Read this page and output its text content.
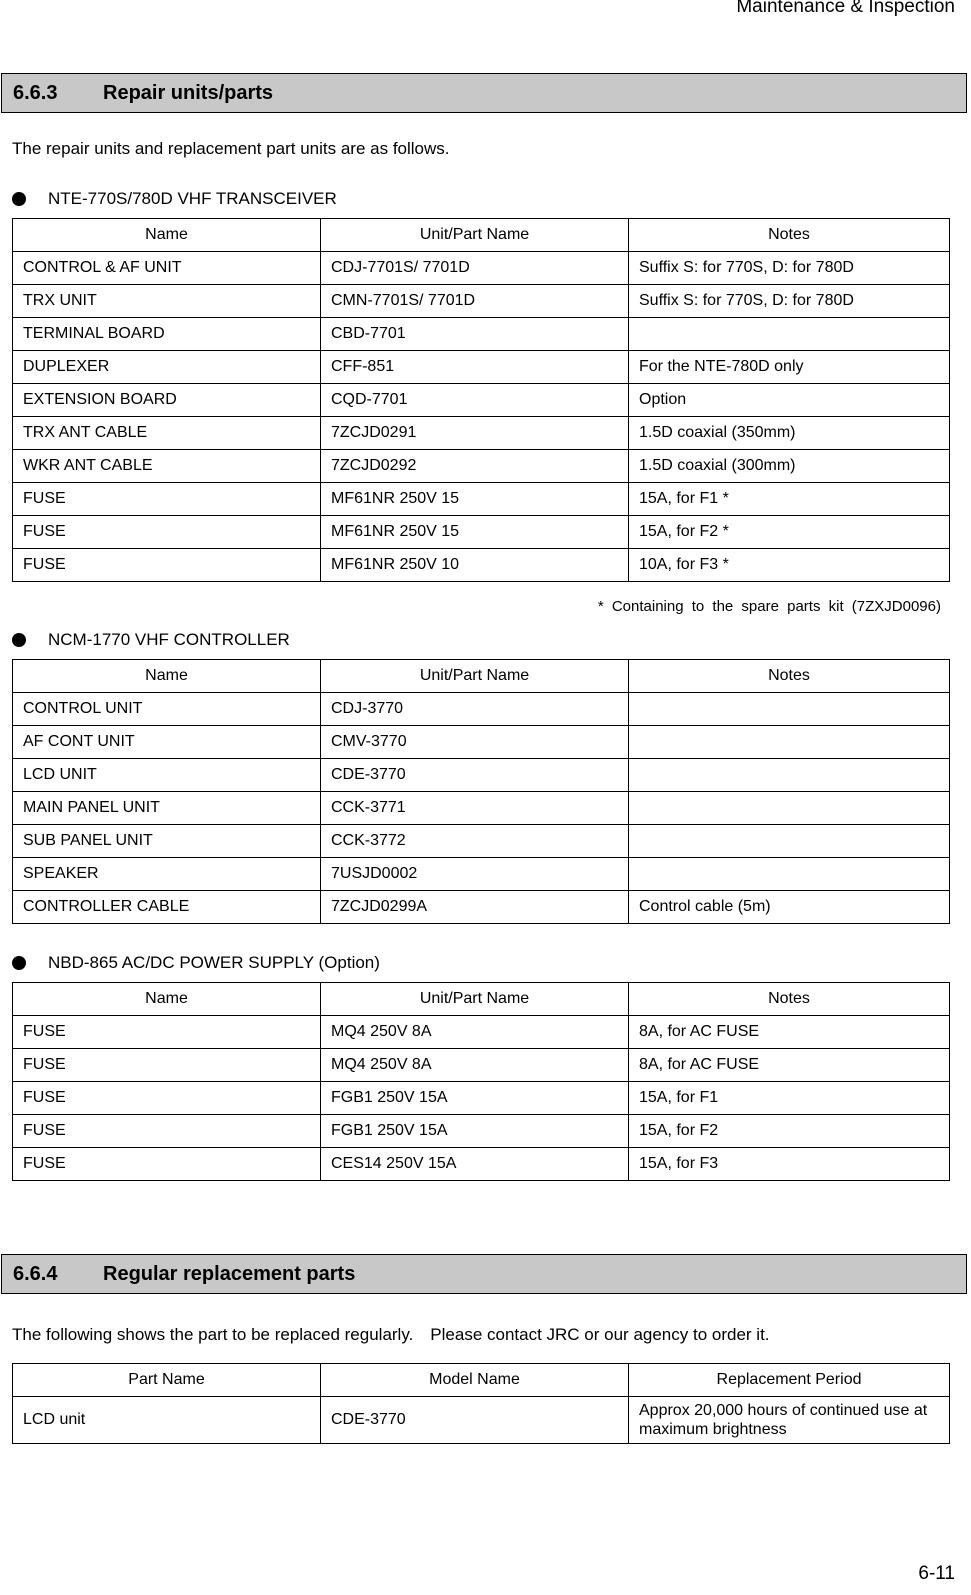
Maintenance & Inspection
6.6.3	Repair units/parts
The repair units and replacement part units are as follows.
NTE-770S/780D VHF TRANSCEIVER
Name	Unit/Part Name	Notes
CONTROL & AF UNIT	CDJ-7701S/ 7701D	Suffix S: for 770S, D: for 780D
TRX UNIT	CMN-7701S/ 7701D	Suffix S: for 770S, D: for 780D
TERMINAL BOARD	CBD-7701	
DUPLEXER	CFF-851	For the NTE-780D only
EXTENSION BOARD	CQD-7701	Option
TRX ANT CABLE	7ZCJD0291	1.5D coaxial (350mm)
WKR ANT CABLE	7ZCJD0292	1.5D coaxial (300mm)
FUSE	MF61NR 250V 15	15A, for F1 *
FUSE	MF61NR 250V 15	15A, for F2 *
FUSE	MF61NR 250V 10	10A, for F3 *
* Containing to the spare parts kit (7ZXJD0096)
NCM-1770 VHF CONTROLLER
Name	Unit/Part Name	Notes
CONTROL UNIT	CDJ-3770	
AF CONT UNIT	CMV-3770	
LCD UNIT	CDE-3770	
MAIN PANEL UNIT	CCK-3771	
SUB PANEL UNIT	CCK-3772	
SPEAKER	7USJD0002	
CONTROLLER CABLE	7ZCJD0299A	Control cable (5m)
NBD-865 AC/DC POWER SUPPLY (Option)
Name	Unit/Part Name	Notes
FUSE	MQ4 250V 8A	8A, for AC FUSE
FUSE	MQ4 250V 8A	8A, for AC FUSE
FUSE	FGB1 250V 15A	15A, for F1
FUSE	FGB1 250V 15A	15A, for F2
FUSE	CES14 250V 15A	15A, for F3
6.6.4	Regular replacement parts
The following shows the part to be replaced regularly.　Please contact JRC or our agency to order it.
Part Name	Model Name	Replacement Period
LCD unit	CDE-3770	Approx 20,000 hours of continued use at maximum brightness
6-11
